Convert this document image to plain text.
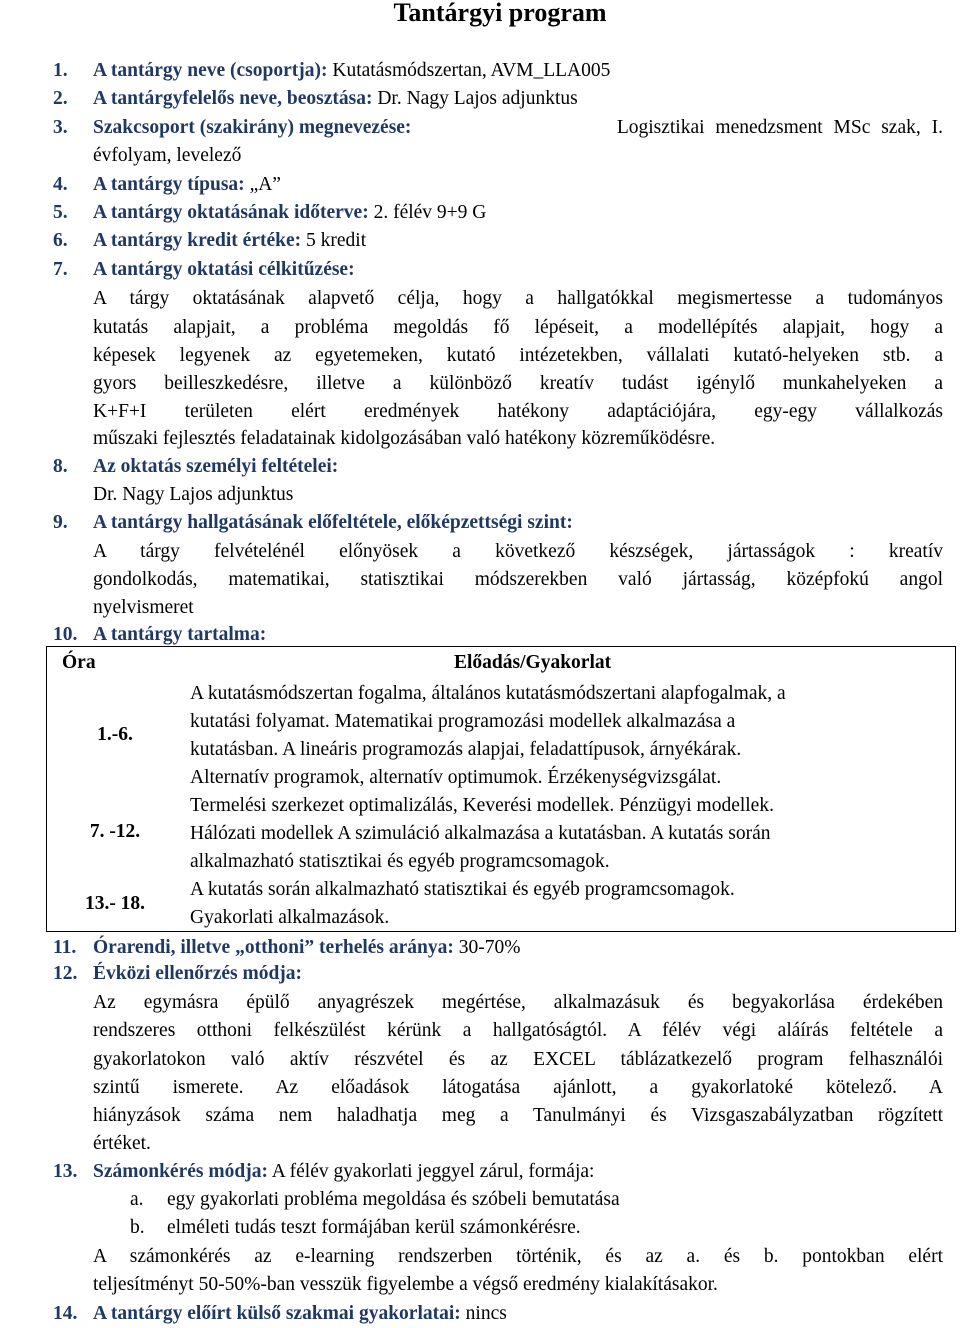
Tantárgyi program
1. A tantárgy neve (csoportja): Kutatásmódszertan, AVM_LLA005
2. A tantárgyfelelős neve, beosztása: Dr. Nagy Lajos adjunktus
3. Szakcsoport (szakirány) megnevezése:	Logisztikai menedzsment MSc szak, I.
évfolyam, levelező
4. A tantárgy típusa: „A”
5. A tantárgy oktatásának időterve: 2. félév 9+9 G
6. A tantárgy kredit értéke: 5 kredit
7. A tantárgy oktatási célkitűzése:
A tárgy oktatásának alapvető célja, hogy a hallgatókkal megismertesse a tudományos
kutatás alapjait, a probléma megoldás fő lépéseit, a modellépítés alapjait, hogy a
képesek legyenek az egyetemeken, kutató intézetekben, vállalati kutató-helyeken stb. a
gyors beilleszkedésre, illetve a különböző kreatív tudást igénylő munkahelyeken a
K+F+I területen elért eredmények hatékony adaptációjára, egy-egy vállalkozás
műszaki fejlesztés feladatainak kidolgozásában való hatékony közreműködésre.
8. Az oktatás személyi feltételei:
Dr. Nagy Lajos adjunktus
9. A tantárgy hallgatásának előfeltétele, előképzettségi szint:
A tárgy felvételénél előnyösek a következő készségek, jártasságok : kreatív
gondolkodás, matematikai, statisztikai módszerekben való jártasság, középfokú angol
nyelvismeret
10. A tantárgy tartalma:
Óra	Előadás/Gyakorlat
1.-6.
A kutatásmódszertan fogalma, általános kutatásmódszertani alapfogalmak, a
kutatási folyamat. Matematikai programozási modellek alkalmazása a
kutatásban. A lineáris programozás alapjai, feladattípusok, árnyékárak.
Alternatív programok, alternatív optimumok. Érzékenységvizsgálat.
7. -12.
Termelési szerkezet optimalizálás, Keverési modellek. Pénzügyi modellek.
Hálózati modellek A szimuláció alkalmazása a kutatásban. A kutatás során
alkalmazható statisztikai és egyéb programcsomagok.
13.- 18.
A kutatás során alkalmazható statisztikai és egyéb programcsomagok.
Gyakorlati alkalmazások.
11. Órarendi, illetve „otthoni” terhelés aránya: 30-70%
12. Évközi ellenőrzés módja:
Az egymásra épülő anyagrészek megértése, alkalmazásuk és begyakorlása érdekében
rendszeres otthoni felkészülést kérünk a hallgatóságtól. A félév végi aláírás feltétele a
gyakorlatokon való aktív részvétel és az EXCEL táblázatkezelő program felhasználói
szintű ismerete. Az előadások látogatása ajánlott, a gyakorlatoké kötelező. A
hiányzások száma nem haladhatja meg a Tanulmányi és Vizsgaszabályzatban rögzített
értéket.
13. Számonkérés módja: A félév gyakorlati jeggyel zárul, formája:
a. egy gyakorlati probléma megoldása és szóbeli bemutatása
b. elméleti tudás teszt formájában kerül számonkérésre.
A számonkérés az e-learning rendszerben történik, és az a. és b. pontokban elért
teljesítményt 50-50%-ban vesszük figyelembe a végső eredmény kialakításakor.
14. A tantárgy előírt külső szakmai gyakorlatai: nincs
